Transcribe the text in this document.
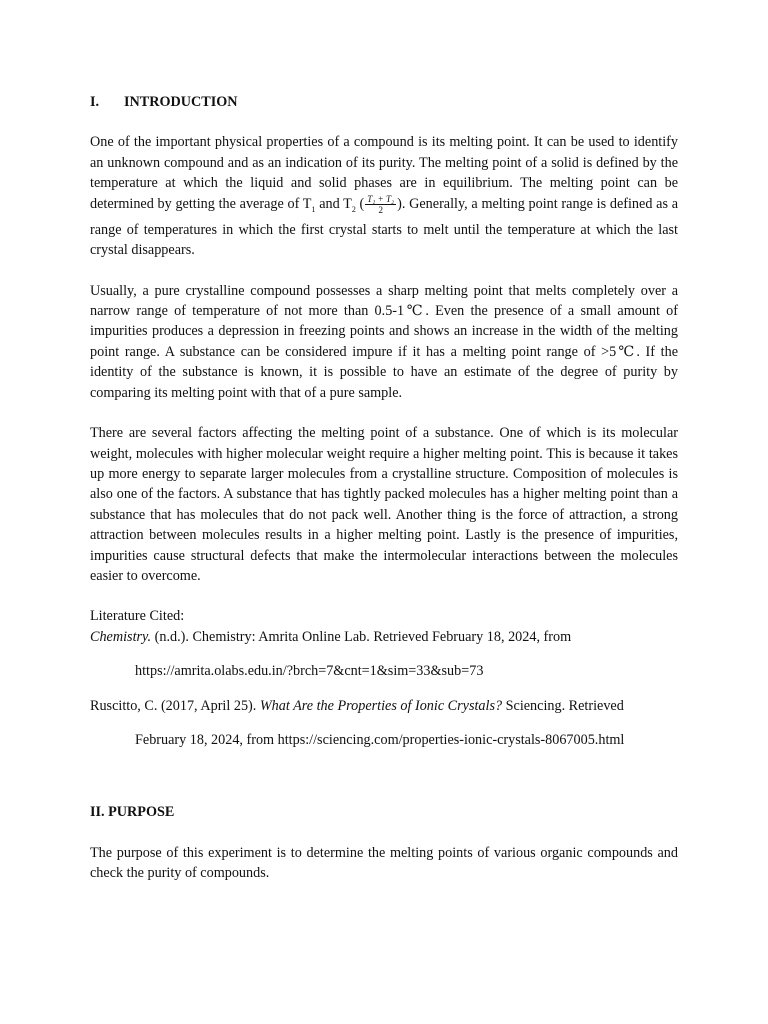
I. INTRODUCTION

One of the important physical properties of a compound is its melting point. It can be used to identify an unknown compound and as an indication of its purity. The melting point of a solid is defined by the temperature at which the liquid and solid phases are in equilibrium. The melting point can be determined by getting the average of $T_1$ and $T_2$ ( $\frac{\text{T₁ + T₂}}{2}$ ). Generally, a melting point range is defined as a range of temperatures in which the first crystal starts to melt until the temperature at which the last crystal disappears.

Usually, a pure crystalline compound possesses a sharp melting point that melts completely over a narrow range of temperature of not more than 0.5-1℃. Even the presence of a small amount of impurities produces a depression in freezing points and shows an increase in the width of the melting point range. A substance can be considered impure if it has a melting point range of >5℃. If the identity of the substance is known, it is possible to have an estimate of the degree of purity by comparing its melting point with that of a pure sample.

There are several factors affecting the melting point of a substance. One of which is its molecular weight, molecules with higher molecular weight require a higher melting point. This is because it takes up more energy to separate larger molecules from a crystalline structure. Composition of molecules is also one of the factors. A substance that has tightly packed molecules has a higher melting point than a substance that has molecules that do not pack well. Another thing is the force of attraction, a strong attraction between molecules results in a higher melting point. Lastly is the presence of impurities, impurities cause structural defects that make the intermolecular interactions between the molecules easier to overcome.

Literature Cited:
Chemistry. (n.d.). Chemistry: Amrita Online Lab. Retrieved February 18, 2024, from
https://amrita.olabs.edu.in/?brch=7&cnt=1&sim=33&sub=73
Ruscitto, C. (2017, April 25). What Are the Properties of Ionic Crystals? Sciencing. Retrieved
February 18, 2024, from https://sciencing.com/properties-ionic-crystals-8067005.html
II. PURPOSE

The purpose of this experiment is to determine the melting points of various organic compounds and check the purity of compounds.
